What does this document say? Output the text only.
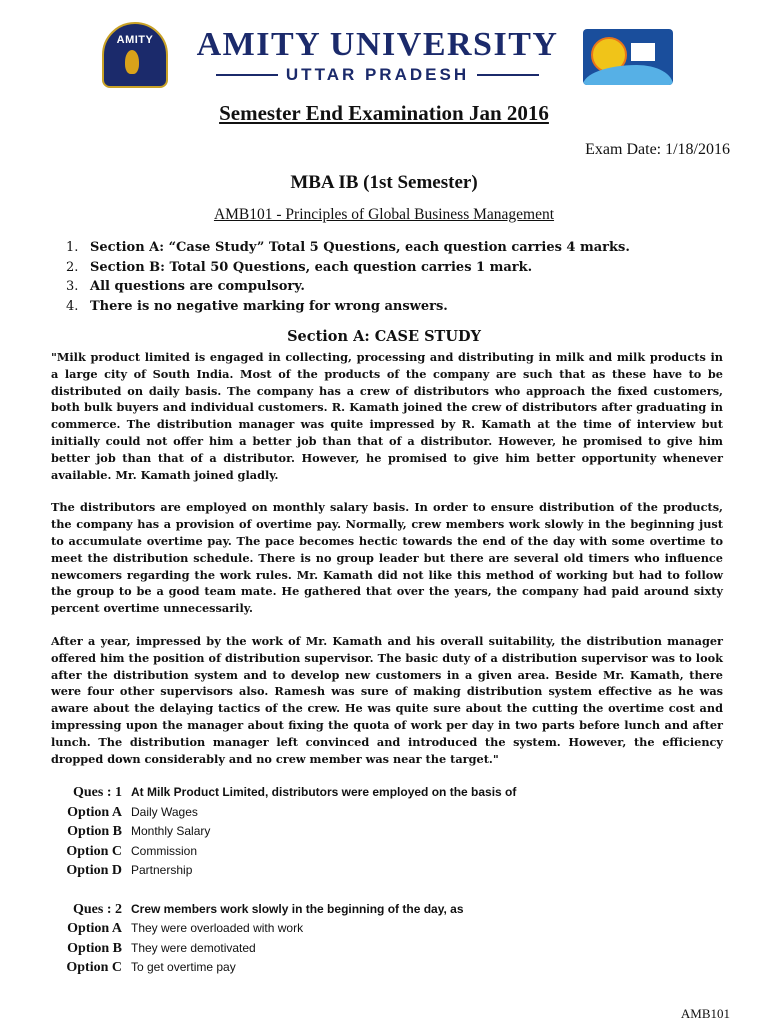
AMITY	AMITY UNIVERSITY
UTTAR PRADESH
Semester End Examination Jan 2016
Exam Date: 1/18/2016
MBA IB (1st Semester)
AMB101 - Principles of Global Business Management
1. Section A: “Case Study” Total 5 Questions, each question carries 4 marks.
2. Section B: Total 50 Questions, each question carries 1 mark.
3. All questions are compulsory.
4. There is no negative marking for wrong answers.
Section A: CASE STUDY

"Milk product limited is engaged in collecting, processing and distributing in milk and milk products in a large city of South India. Most of the products of the company are such that as these have to be distributed on daily basis. The company has a crew of distributors who approach the fixed customers, both bulk buyers and individual customers. R. Kamath joined the crew of distributors after graduating in commerce. The distribution manager was quite impressed by R. Kamath at the time of interview but initially could not offer him a better job than that of a distributor. However, he promised to give him better job than that of a distributor. However, he promised to give him better opportunity whenever available. Mr. Kamath joined gladly.

The distributors are employed on monthly salary basis. In order to ensure distribution of the products, the company has a provision of overtime pay. Normally, crew members work slowly in the beginning just to accumulate overtime pay. The pace becomes hectic towards the end of the day with some overtime to meet the distribution schedule. There is no group leader but there are several old timers who influence newcomers regarding the work rules. Mr. Kamath did not like this method of working but had to follow the group to be a good team mate. He gathered that over the years, the company had paid around sixty percent overtime unnecessarily.

After a year, impressed by the work of Mr. Kamath and his overall suitability, the distribution manager offered him the position of distribution supervisor. The basic duty of a distribution supervisor was to look after the distribution system and to develop new customers in a given area. Beside Mr. Kamath, there were four other supervisors also. Ramesh was sure of making distribution system effective as he was aware about the delaying tactics of the crew. He was quite sure about the cutting the overtime cost and impressing upon the manager about fixing the quota of work per day in two parts before lunch and after lunch. The distribution manager left convinced and introduced the system. However, the efficiency dropped down considerably and no crew member was near the target."

Ques : 1 At Milk Product Limited, distributors were employed on the basis of
Option A Daily Wages
Option B Monthly Salary
Option C Commission
Option D Partnership
Ques : 2 Crew members work slowly in the beginning of the day, as
Option A They were overloaded with work
Option B They were demotivated
Option C To get overtime pay
AMB101
